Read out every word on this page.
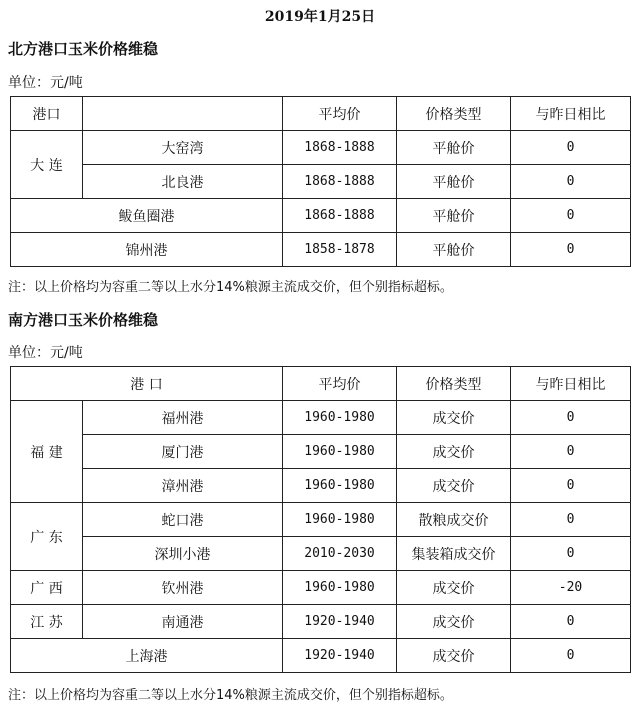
2019年1月25日
北方港口玉米价格维稳
单位：元/吨
港口		平均价	价格类型	与昨日相比
大 连	大窑湾	1868-1888	平舱价	0
	北良港	1868-1888	平舱价	0
鲅鱼圈港		1868-1888	平舱价	0
锦州港		1858-1878	平舱价	0
注：以上价格均为容重二等以上水分14%粮源主流成交价，但个别指标超标。
南方港口玉米价格维稳
单位：元/吨
港 口		平均价	价格类型	与昨日相比
福 建	福州港	1960-1980	成交价	0
	厦门港	1960-1980	成交价	0
	漳州港	1960-1980	成交价	0
广 东	蛇口港	1960-1980	散粮成交价	0
	深圳小港	2010-2030	集装箱成交价	0
广 西	钦州港	1960-1980	成交价	-20
江 苏	南通港	1920-1940	成交价	0
上海港		1920-1940	成交价	0
注：以上价格均为容重二等以上水分14%粮源主流成交价，但个别指标超标。
